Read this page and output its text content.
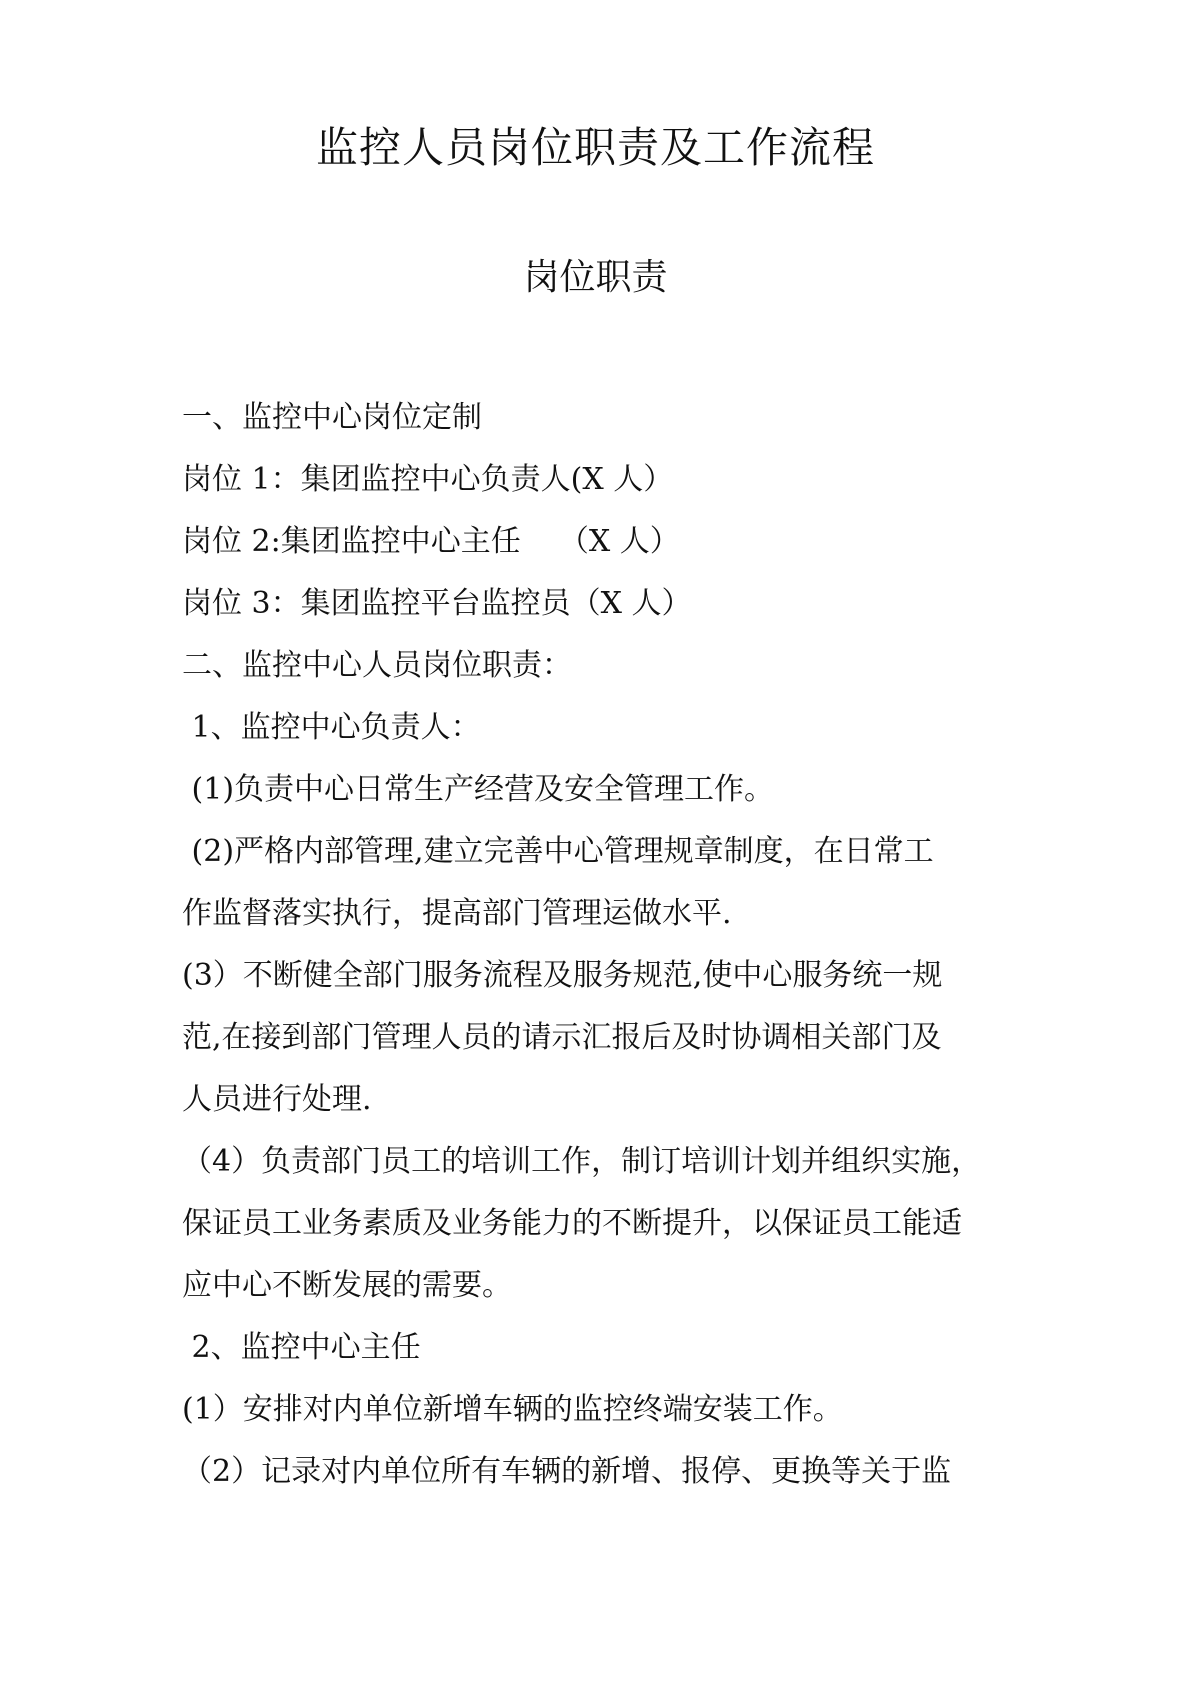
监控人员岗位职责及工作流程
岗位职责
一、监控中心岗位定制
岗位 1：集团监控中心负责人(X 人）
岗位 2:集团监控中心主任    （X 人）
岗位 3：集团监控平台监控员（X 人）
二、监控中心人员岗位职责：
1、监控中心负责人：
(1)负责中心日常生产经营及安全管理工作。
(2)严格内部管理,建立完善中心管理规章制度，在日常工
作监督落实执行，提高部门管理运做水平.
(3）不断健全部门服务流程及服务规范,使中心服务统一规
范,在接到部门管理人员的请示汇报后及时协调相关部门及
人员进行处理.
（4）负责部门员工的培训工作，制订培训计划并组织实施，
保证员工业务素质及业务能力的不断提升，以保证员工能适
应中心不断发展的需要。
2、监控中心主任
(1）安排对内单位新增车辆的监控终端安装工作。
（2）记录对内单位所有车辆的新增、报停、更换等关于监
